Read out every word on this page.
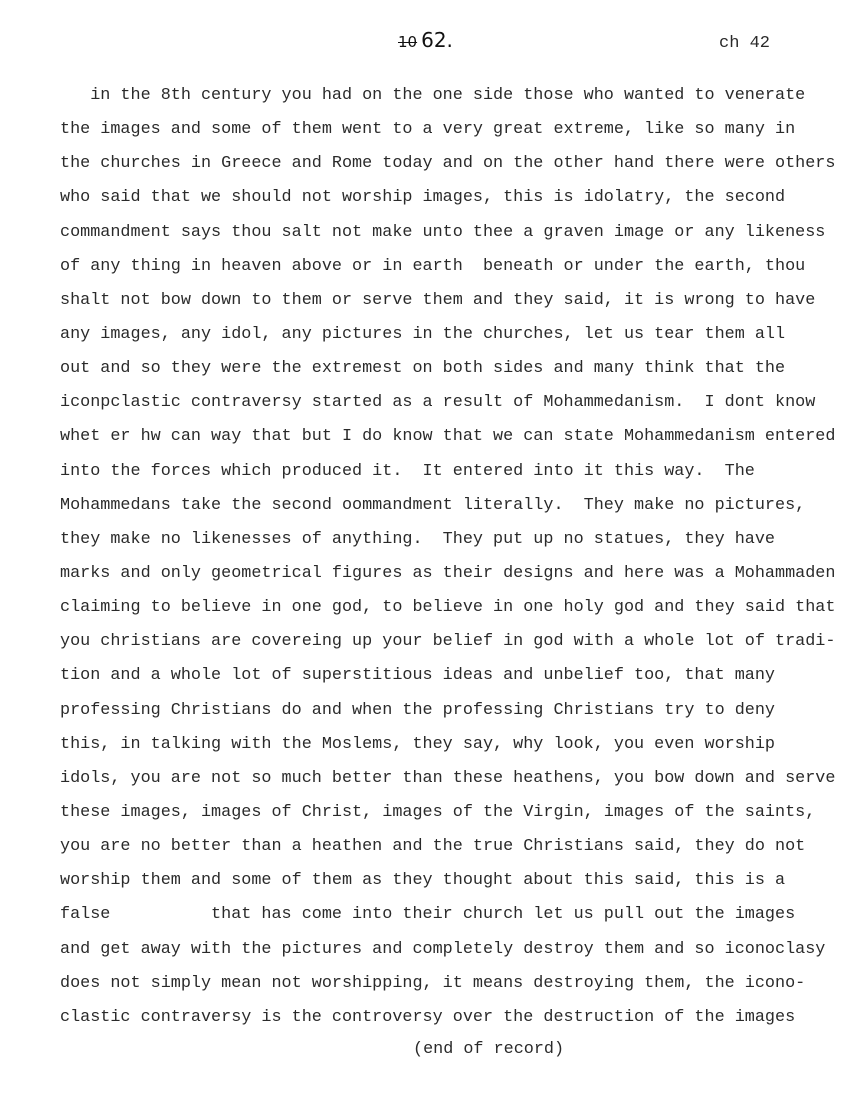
10 62.	ch 42
in the 8th century you had on the one side those who wanted to venerate
the images and some of them went to a very great extreme, like so many in
the churches in Greece and Rome today and on the other hand there were others
who said that we should not worship images, this is idolatry, the second
commandment says thou salt not make unto thee a graven image or any likeness
of any thing in heaven above or in earth  beneath or under the earth, thou
shalt not bow down to them or serve them and they said, it is wrong to have
any images, any idol, any pictures in the churches, let us tear them all
out and so they were the extremest on both sides and many think that the
iconpclastic contraversy started as a result of Mohammedanism.  I dont know
whet er hw can way that but I do know that we can state Mohammedanism entered
into the forces which produced it.  It entered into it this way.  The
Mohammedans take the second oommandment literally.  They make no pictures,
they make no likenesses of anything.  They put up no statues, they have
marks and only geometrical figures as their designs and here was a Mohammaden
claiming to believe in one god, to believe in one holy god and they said that
you christians are covereing up your belief in god with a whole lot of tradi-
tion and a whole lot of superstitious ideas and unbelief too, that many
professing Christians do and when the professing Christians try to deny
this, in talking with the Moslems, they say, why look, you even worship
idols, you are not so much better than these heathens, you bow down and serve
these images, images of Christ, images of the Virgin, images of the saints,
you are no better than a heathen and the true Christians said, they do not
worship them and some of them as they thought about this said, this is a
false          that has come into their church let us pull out the images
and get away with the pictures and completely destroy them and so iconoclasy
does not simply mean not worshipping, it means destroying them, the icono-
clastic contraversy is the controversy over the destruction of the images
(end of record)
